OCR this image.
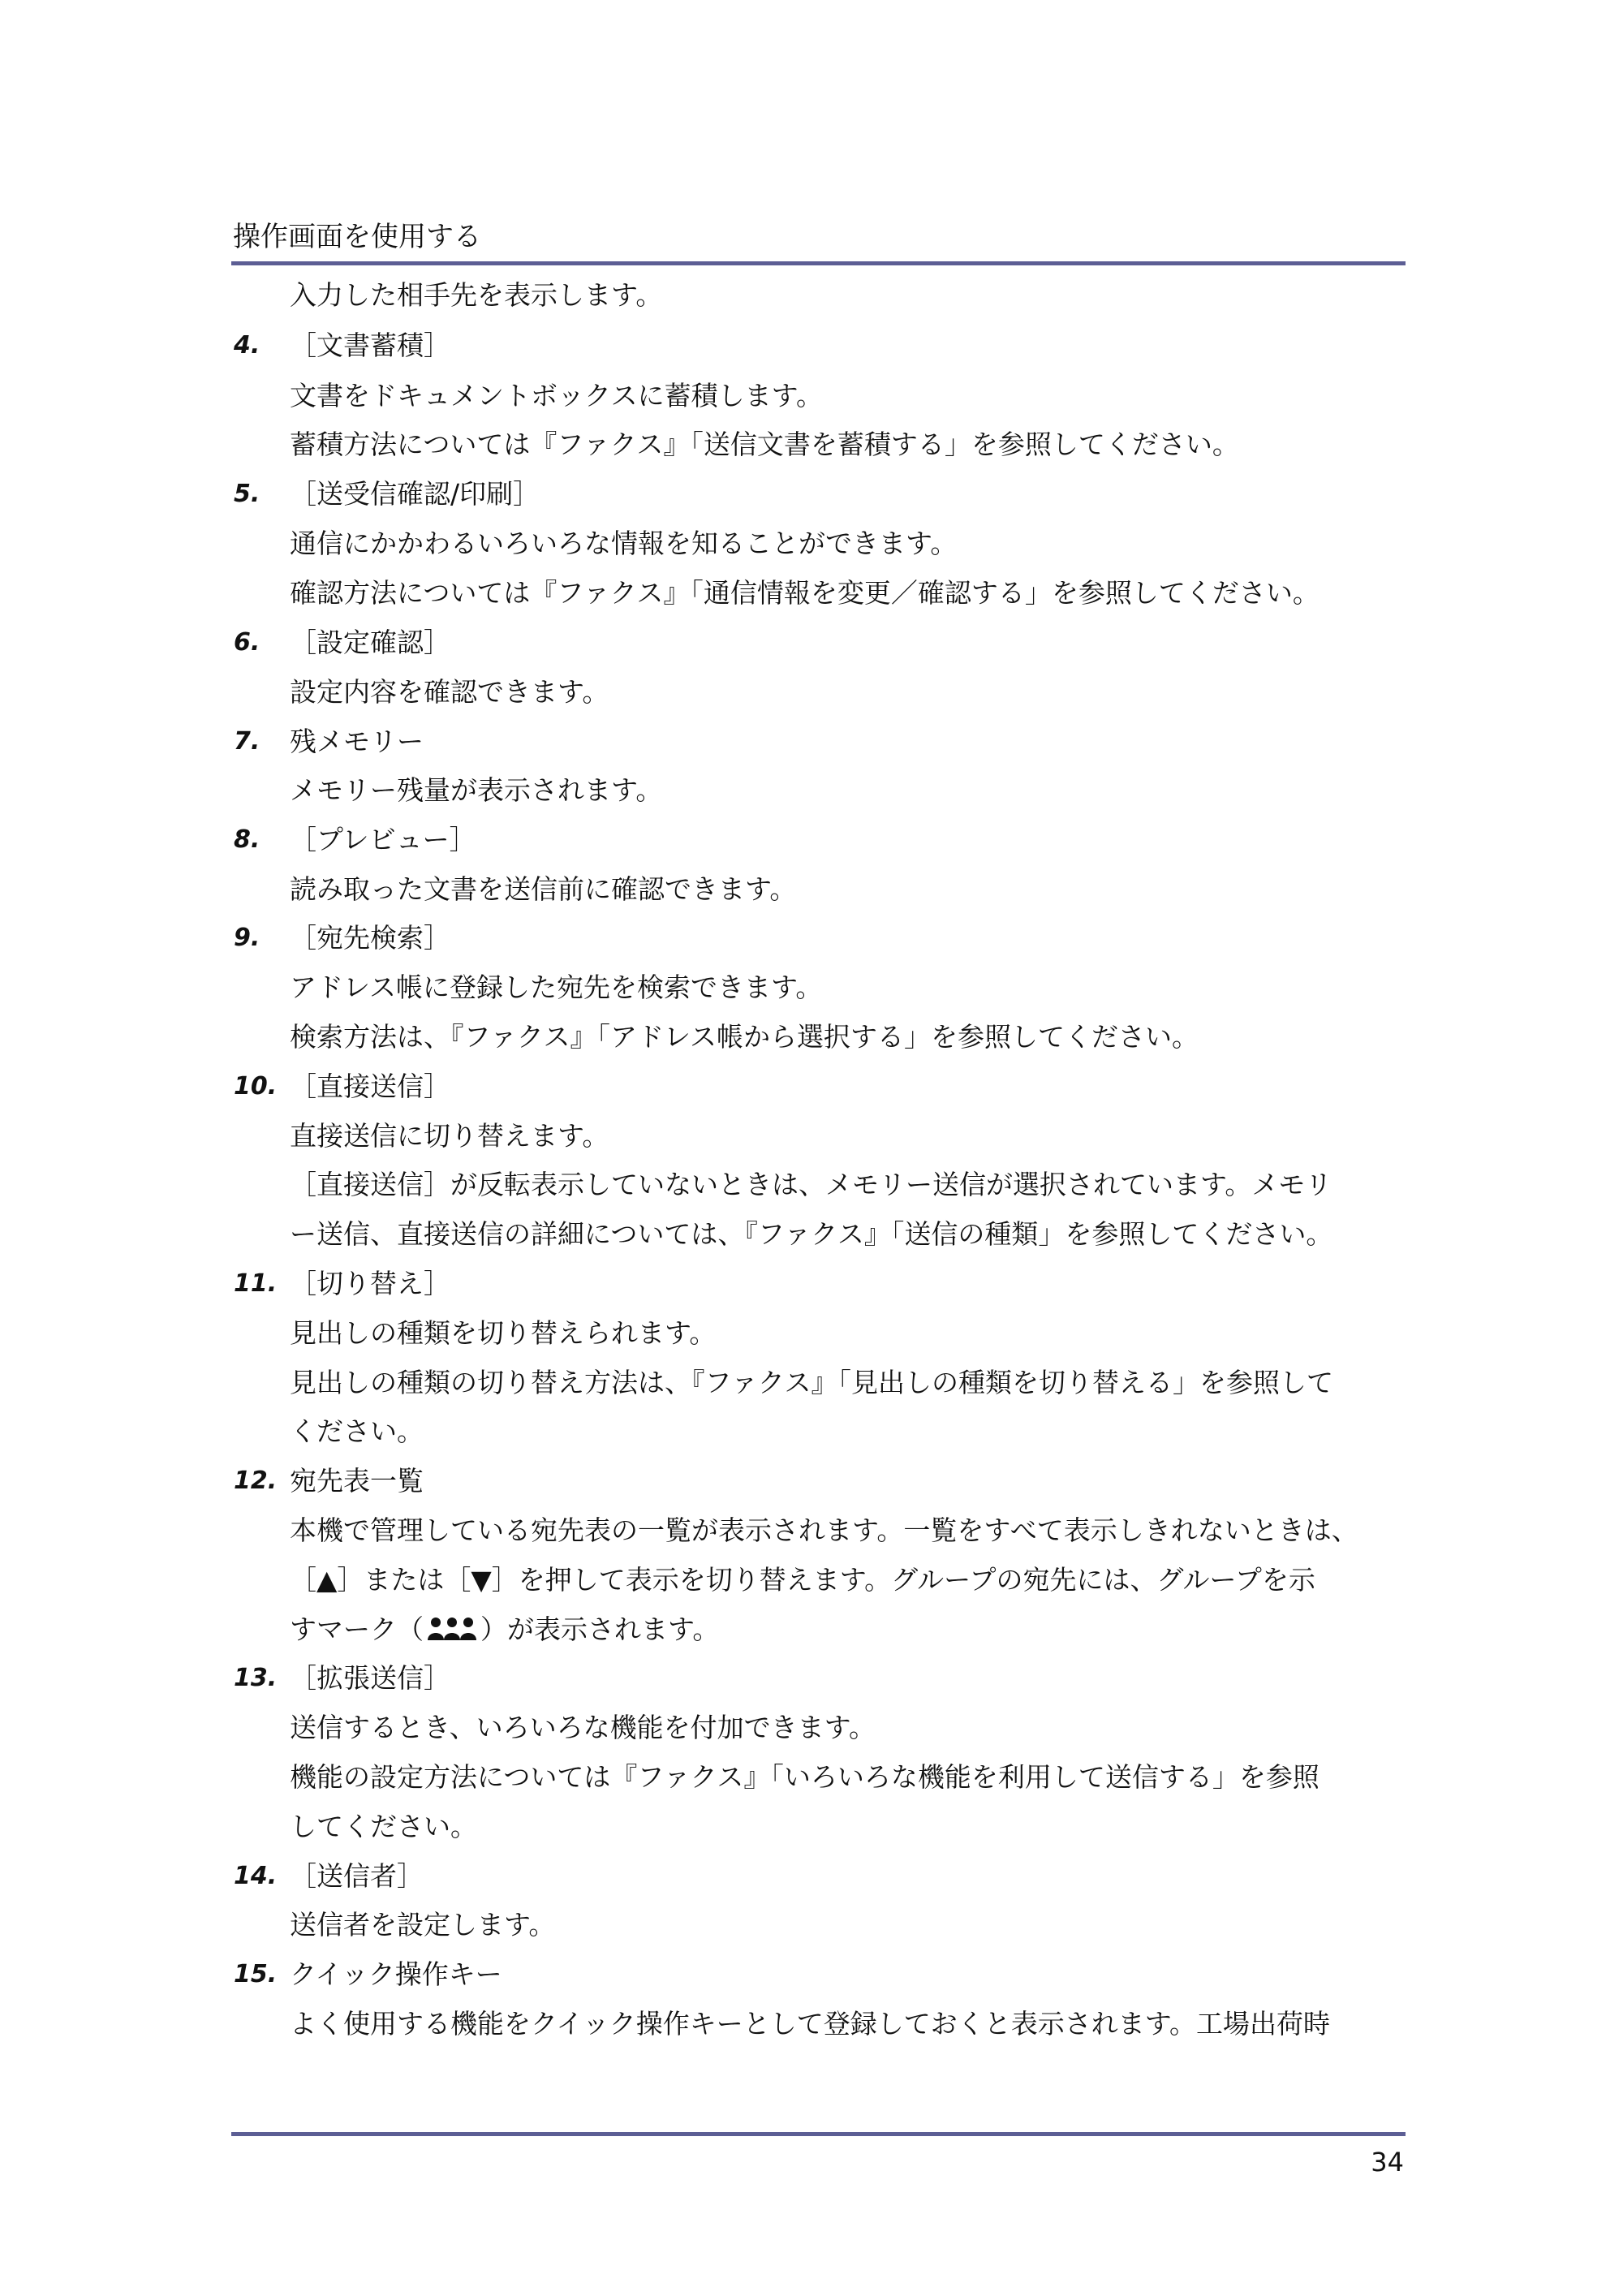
操作画面を使用する
入力した相手先を表示します。
4. ［文書蓄積］
文書をドキュメントボックスに蓄積します。
蓄積方法については『ファクス』「送信文書を蓄積する」を参照してください。
5. ［送受信確認/印刷］
通信にかかわるいろいろな情報を知ることができます。
確認方法については『ファクス』「通信情報を変更／確認する」を参照してください。
6. ［設定確認］
設定内容を確認できます。
7. 残メモリー
メモリー残量が表示されます。
8. ［プレビュー］
読み取った文書を送信前に確認できます。
9. ［宛先検索］
アドレス帳に登録した宛先を検索できます。
検索方法は、『ファクス』「アドレス帳から選択する」を参照してください。
10. ［直接送信］
直接送信に切り替えます。
［直接送信］が反転表示していないときは、メモリー送信が選択されています。メモリ
ー送信、直接送信の詳細については、『ファクス』「送信の種類」を参照してください。
11. ［切り替え］
見出しの種類を切り替えられます。
見出しの種類の切り替え方法は、『ファクス』「見出しの種類を切り替える」を参照して
ください。
12. 宛先表一覧
本機で管理している宛先表の一覧が表示されます。一覧をすべて表示しきれないときは、
［▲］または［▼］を押して表示を切り替えます。グループの宛先には、グループを示
すマーク（ ）が表示されます。
13. ［拡張送信］
送信するとき、いろいろな機能を付加できます。
機能の設定方法については『ファクス』「いろいろな機能を利用して送信する」を参照
してください。
14. ［送信者］
送信者を設定します。
15. クイック操作キー
よく使用する機能をクイック操作キーとして登録しておくと表示されます。工場出荷時
34
